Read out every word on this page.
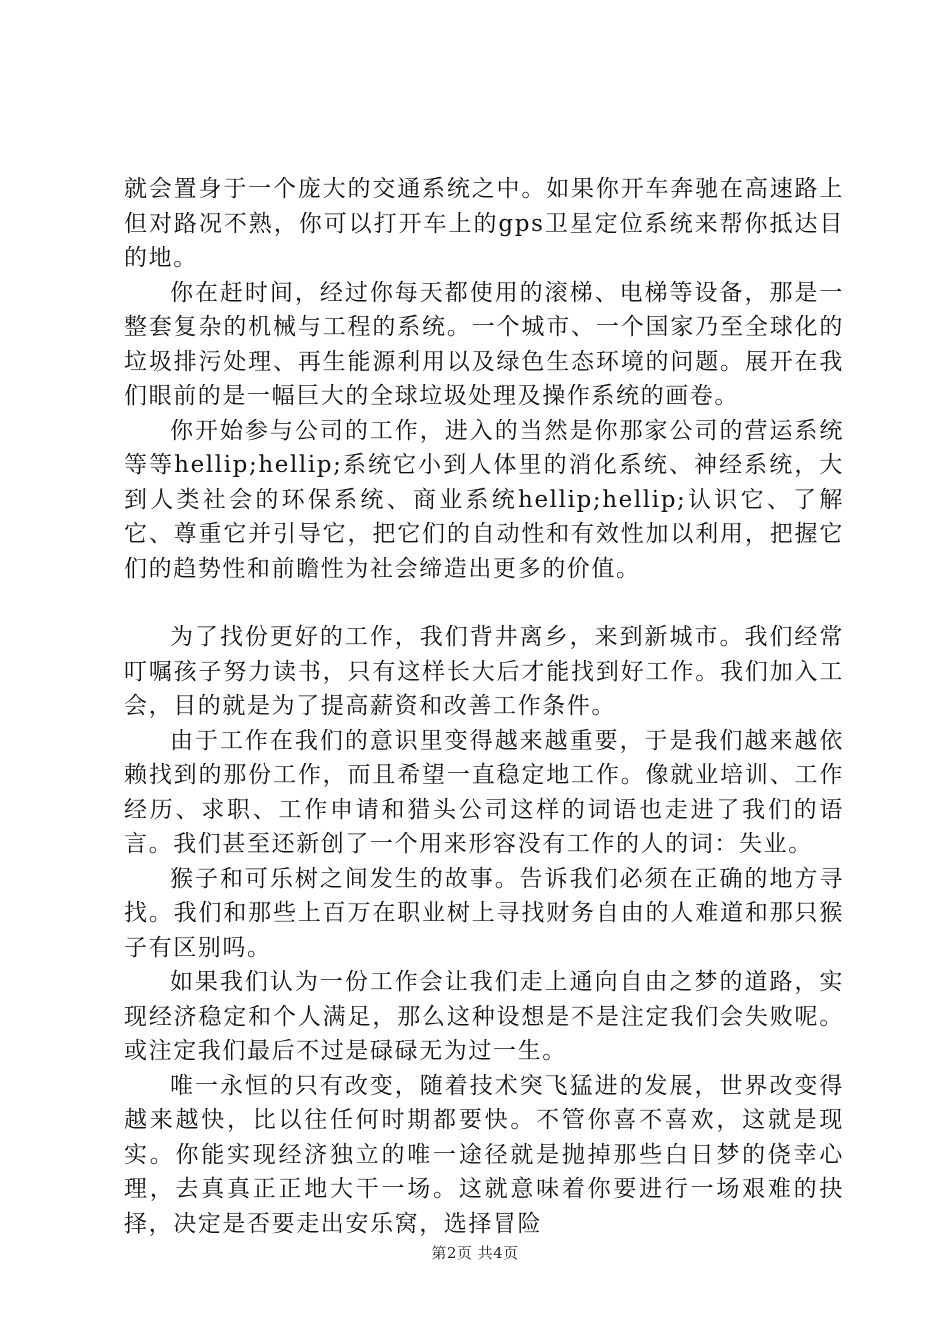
就会置身于一个庞大的交通系统之中。如果你开车奔驰在高速路上但对路况不熟，你可以打开车上的gps卫星定位系统来帮你抵达目的地。

你在赶时间，经过你每天都使用的滚梯、电梯等设备，那是一整套复杂的机械与工程的系统。一个城市、一个国家乃至全球化的垃圾排污处理、再生能源利用以及绿色生态环境的问题。展开在我们眼前的是一幅巨大的全球垃圾处理及操作系统的画卷。

你开始参与公司的工作，进入的当然是你那家公司的营运系统等等hellip;hellip;系统它小到人体里的消化系统、神经系统，大到人类社会的环保系统、商业系统hellip;hellip;认识它、了解它、尊重它并引导它，把它们的自动性和有效性加以利用，把握它们的趋势性和前瞻性为社会缔造出更多的价值。

为了找份更好的工作，我们背井离乡，来到新城市。我们经常叮嘱孩子努力读书，只有这样长大后才能找到好工作。我们加入工会，目的就是为了提高薪资和改善工作条件。

由于工作在我们的意识里变得越来越重要，于是我们越来越依赖找到的那份工作，而且希望一直稳定地工作。像就业培训、工作经历、求职、工作申请和猎头公司这样的词语也走进了我们的语言。我们甚至还新创了一个用来形容没有工作的人的词：失业。

猴子和可乐树之间发生的故事。告诉我们必须在正确的地方寻找。我们和那些上百万在职业树上寻找财务自由的人难道和那只猴子有区别吗。

如果我们认为一份工作会让我们走上通向自由之梦的道路，实现经济稳定和个人满足，那么这种设想是不是注定我们会失败呢。或注定我们最后不过是碌碌无为过一生。

唯一永恒的只有改变，随着技术突飞猛进的发展，世界改变得越来越快，比以往任何时期都要快。不管你喜不喜欢，这就是现实。你能实现经济独立的唯一途径就是抛掉那些白日梦的侥幸心理，去真真正正地大干一场。这就意味着你要进行一场艰难的抉择，决定是否要走出安乐窝，选择冒险

第2页 共4页
